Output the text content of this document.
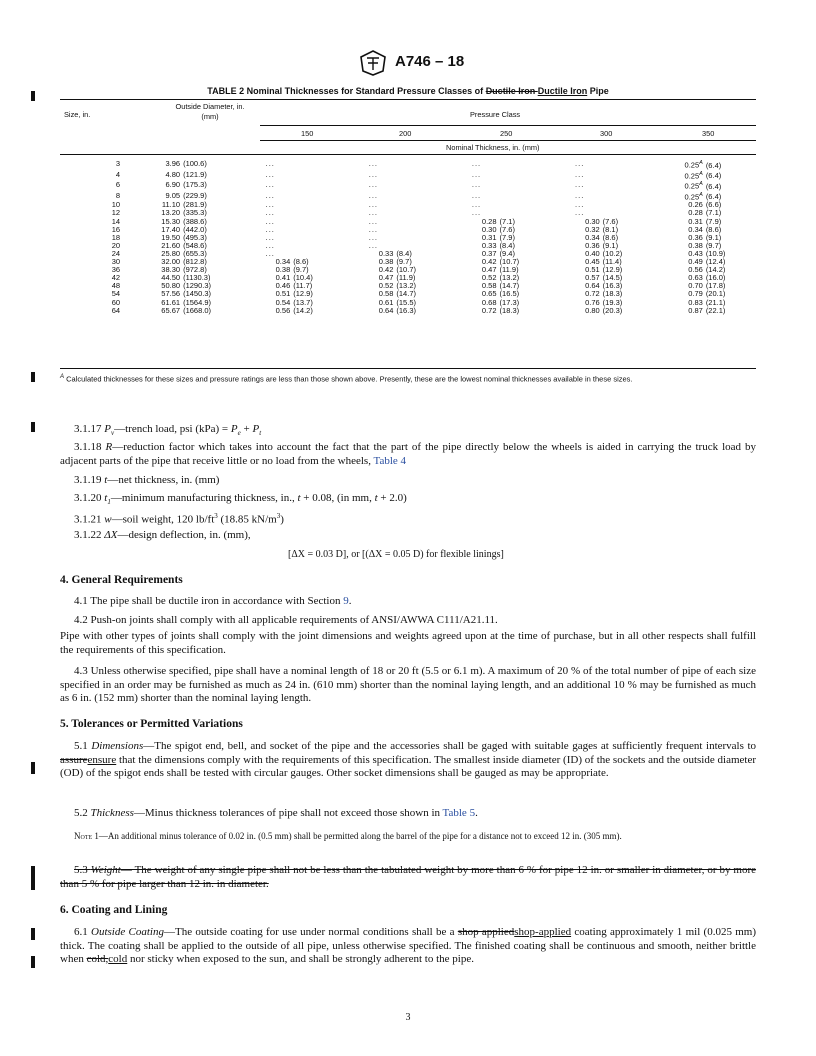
A746 – 18
TABLE 2 Nominal Thicknesses for Standard Pressure Classes of Ductile Iron Ductile Iron Pipe
Size, in.
Outside Diameter, in.
(mm)	Pressure Class
150	200	250	300	350
Nominal Thickness, in. (mm)
3	3.96 (100.6)	...	...	...	...	$0.25^A$ (6.4)
4	4.80 (121.9)	...	...	...	...	$0.25^A$ (6.4)
6	6.90 (175.3)	...	...	...	...	$0.25^A$ (6.4)
8	9.05 (229.9)	...	...	...	...	$0.25^A$ (6.4)
10	11.10 (281.9)	...	...	...	...	0.26 (6.6)
12	13.20 (335.3)	...	...	...	...	0.28 (7.1)
14	15.30 (388.6)	...	...	0.28 (7.1)	0.30 (7.6)	0.31 (7.9)
16	17.40 (442.0)	...	...	0.30 (7.6)	0.32 (8.1)	0.34 (8.6)
18	19.50 (495.3)	...	...	0.31 (7.9)	0.34 (8.6)	0.36 (9.1)
20	21.60 (548.6)	...	...	0.33 (8.4)	0.36 (9.1)	0.38 (9.7)
24	25.80 (655.3)	...	0.33 (8.4)	0.37 (9.4)	0.40 (10.2)	0.43 (10.9)
30	32.00 (812.8)	0.34 (8.6)	0.38 (9.7)	0.42 (10.7)	0.45 (11.4)	0.49 (12.4)
36	38.30 (972.8)	0.38 (9.7)	0.42 (10.7)	0.47 (11.9)	0.51 (12.9)	0.56 (14.2)
42	44.50 (1130.3)	0.41 (10.4)	0.47 (11.9)	0.52 (13.2)	0.57 (14.5)	0.63 (16.0)
48	50.80 (1290.3)	0.46 (11.7)	0.52 (13.2)	0.58 (14.7)	0.64 (16.3)	0.70 (17.8)
54	57.56 (1450.3)	0.51 (12.9)	0.58 (14.7)	0.65 (16.5)	0.72 (18.3)	0.79 (20.1)
60	61.61 (1564.9)	0.54 (13.7)	0.61 (15.5)	0.68 (17.3)	0.76 (19.3)	0.83 (21.1)
64	65.67 (1668.0)	0.56 (14.2)	0.64 (16.3)	0.72 (18.3)	0.80 (20.3)	0.87 (22.1)
$^A$ Calculated thicknesses for these sizes and pressure ratings are less than those shown above. Presently, these are the lowest nominal thicknesses available in these sizes.
3.1.17 $P_v—trench$ load, psi $(kPa) = P_e + P_t$
3.1.18 R—reduction factor which takes into account the fact that the part of the pipe directly below the wheels is aided in carrying the truck load by adjacent parts of the pipe that receive little or no load from the wheels, Table 4
3.1.19 t—net thickness, in. (mm)
3.1.20 $t_1—minimum$ manufacturing thickness, in., t + 0.08, (in mm, t + 2.0)
3.1.21 w—soil weight, 120 $lb/ft^3$ (18.85 $kN/m^3$)
3.1.22 ΔX—design deflection, in. (mm),
[ΔX = 0.03 D], or [(ΔX = 0.05 D) for flexible linings]
4. General Requirements
4.1 The pipe shall be ductile iron in accordance with Section 9.
4.2 Push-on joints shall comply with all applicable requirements of ANSI/AWWA C111/A21.11.
Pipe with other types of joints shall comply with the joint dimensions and weights agreed upon at the time of purchase, but in all other respects shall fulfill the requirements of this specification.
4.3 Unless otherwise specified, pipe shall have a nominal length of 18 or 20 ft (5.5 or 6.1 m). A maximum of 20 % of the total number of pipe of each size specified in an order may be furnished as much as 24 in. (610 mm) shorter than the nominal laying length, and an additional 10 % may be furnished as much as 6 in. (152 mm) shorter than the nominal laying length.
5. Tolerances or Permitted Variations
5.1 Dimensions—The spigot end, bell, and socket of the pipe and the accessories shall be gaged with suitable gages at sufficiently frequent intervals to assureensure that the dimensions comply with the requirements of this specification. The smallest inside diameter (ID) of the sockets and the outside diameter (OD) of the spigot ends shall be tested with circular gauges. Other socket dimensions shall be gauged as may be appropriate.
5.2 Thickness—Minus thickness tolerances of pipe shall not exceed those shown in Table 5.
Note 1—An additional minus tolerance of 0.02 in. (0.5 mm) shall be permitted along the barrel of the pipe for a distance not to exceed 12 in. (305 mm).
5.3 Weight— The weight of any single pipe shall not be less than the tabulated weight by more than 6 % for pipe 12 in. or smaller in diameter, or by more than 5 % for pipe larger than 12 in. in diameter.
6. Coating and Lining
6.1 Outside Coating—The outside coating for use under normal conditions shall be a shop appliedshop-applied coating approximately 1 mil (0.025 mm) thick. The coating shall be applied to the outside of all pipe, unless otherwise specified. The finished coating shall be continuous and smooth, neither brittle when cold,cold nor sticky when exposed to the sun, and shall be strongly adherent to the pipe.
3
